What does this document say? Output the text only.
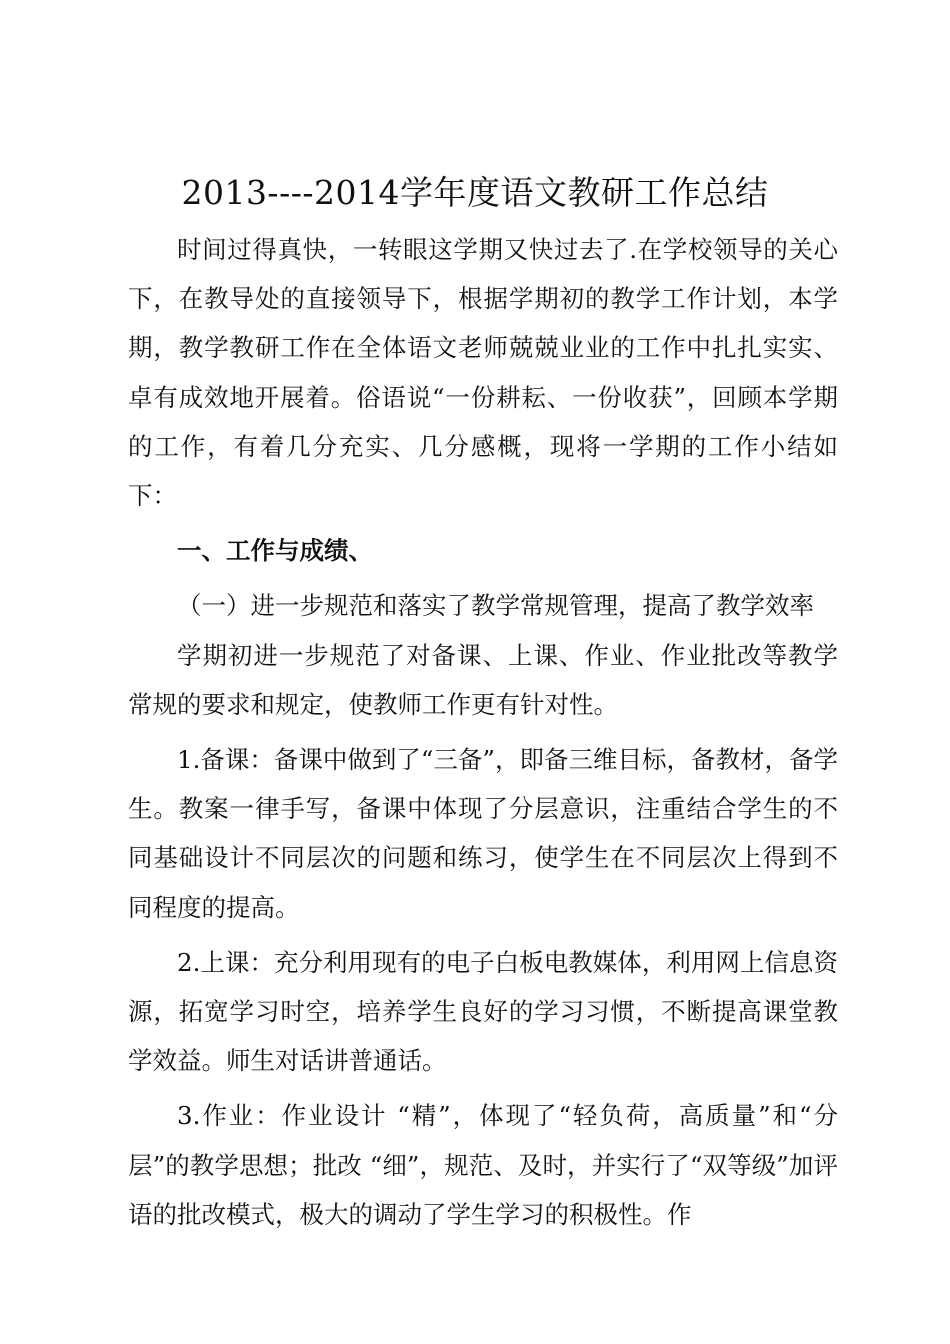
2013----2014学年度语文教研工作总结

时间过得真快，一转眼这学期又快过去了.在学校领导的关心下，在教导处的直接领导下，根据学期初的教学工作计划，本学期，教学教研工作在全体语文老师兢兢业业的工作中扎扎实实、卓有成效地开展着。俗语说“一份耕耘、一份收获”，回顾本学期的工作，有着几分充实、几分感概，现将一学期的工作小结如下：

一、工作与成绩、

（一）进一步规范和落实了教学常规管理，提高了教学效率

学期初进一步规范了对备课、上课、作业、作业批改等教学常规的要求和规定，使教师工作更有针对性。

1.备课：备课中做到了“三备”，即备三维目标，备教材，备学生。教案一律手写，备课中体现了分层意识，注重结合学生的不同基础设计不同层次的问题和练习，使学生在不同层次上得到不同程度的提高。

2.上课：充分利用现有的电子白板电教媒体，利用网上信息资源，拓宽学习时空，培养学生良好的学习习惯，不断提高课堂教学效益。师生对话讲普通话。

3.作业：作业设计 “精”，体现了“轻负荷，高质量”和“分层”的教学思想；批改 “细”，规范、及时，并实行了“双等级”加评语的批改模式，极大的调动了学生学习的积极性。作
